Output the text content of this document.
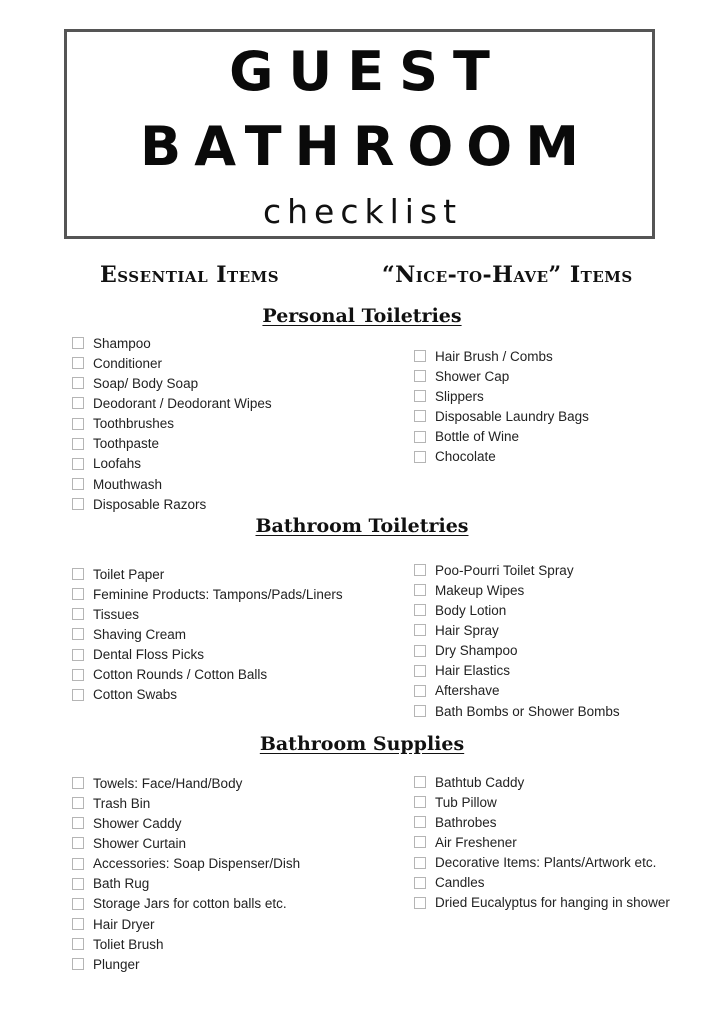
GUEST
BATHROOM
checklist
Essential Items	“Nice-to-Have” Items
Personal Toiletries
Shampoo
Conditioner
Soap/ Body Soap
Deodorant / Deodorant Wipes
Toothbrushes
Toothpaste
Loofahs
Mouthwash
Disposable Razors
Hair Brush / Combs
Shower Cap
Slippers
Disposable Laundry Bags
Bottle of Wine
Chocolate
Bathroom Toiletries
Toilet Paper
Feminine Products: Tampons/Pads/Liners
Tissues
Shaving Cream
Dental Floss Picks
Cotton Rounds / Cotton Balls
Cotton Swabs
Poo-Pourri Toilet Spray
Makeup Wipes
Body Lotion
Hair Spray
Dry Shampoo
Hair Elastics
Aftershave
Bath Bombs or Shower Bombs
Bathroom Supplies
Towels: Face/Hand/Body
Trash Bin
Shower Caddy
Shower Curtain
Accessories: Soap Dispenser/Dish
Bath Rug
Storage Jars for cotton balls etc.
Hair Dryer
Toliet Brush
Plunger
Bathtub Caddy
Tub Pillow
Bathrobes
Air Freshener
Decorative Items: Plants/Artwork etc.
Candles
Dried Eucalyptus for hanging in shower
